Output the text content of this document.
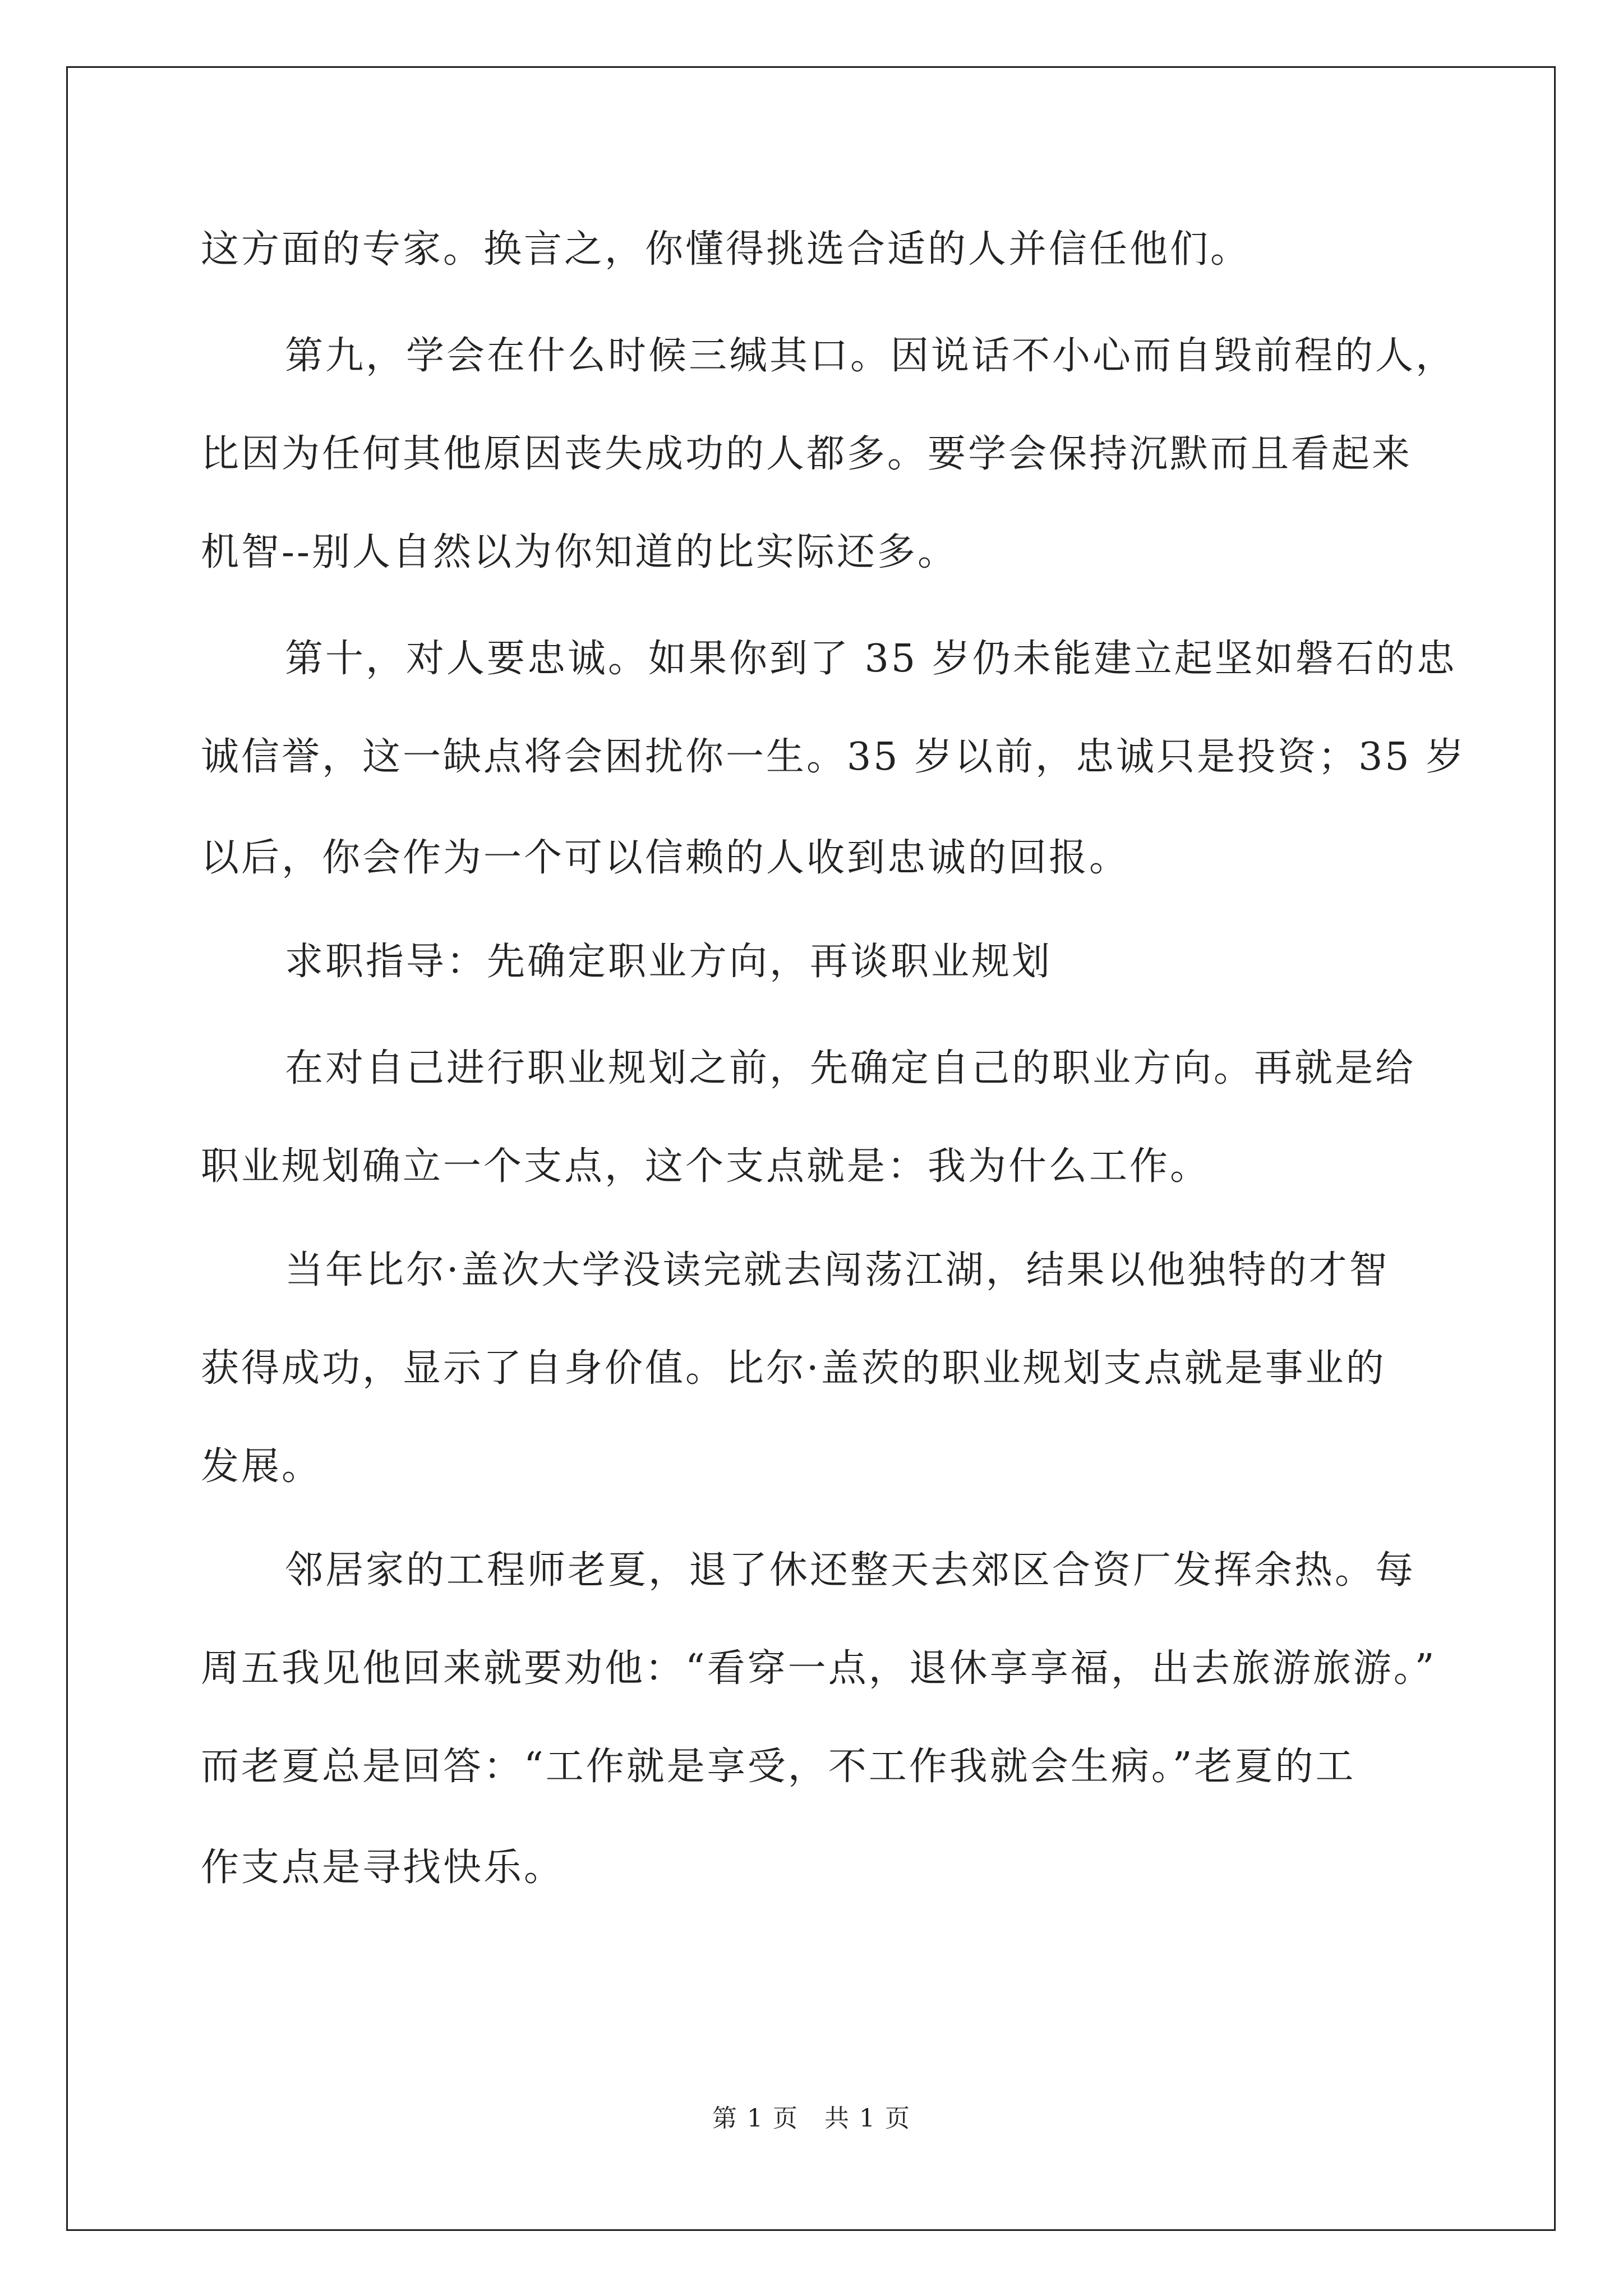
这方面的专家。换言之，你懂得挑选合适的人并信任他们。
第九，学会在什么时候三缄其口。因说话不小心而自毁前程的人，
比因为任何其他原因丧失成功的人都多。要学会保持沉默而且看起来
机智--别人自然以为你知道的比实际还多。
第十，对人要忠诚。如果你到了 35 岁仍未能建立起坚如磐石的忠
诚信誉，这一缺点将会困扰你一生。35 岁以前，忠诚只是投资；35 岁
以后，你会作为一个可以信赖的人收到忠诚的回报。
求职指导：先确定职业方向，再谈职业规划
在对自己进行职业规划之前，先确定自己的职业方向。再就是给
职业规划确立一个支点，这个支点就是：我为什么工作。
当年比尔·盖次大学没读完就去闯荡江湖，结果以他独特的才智
获得成功，显示了自身价值。比尔·盖茨的职业规划支点就是事业的
发展。
邻居家的工程师老夏，退了休还整天去郊区合资厂发挥余热。每
周五我见他回来就要劝他：“看穿一点，退休享享福，出去旅游旅游。”
而老夏总是回答：“工作就是享受，不工作我就会生病。”老夏的工
作支点是寻找快乐。
第 1 页　共 1 页
